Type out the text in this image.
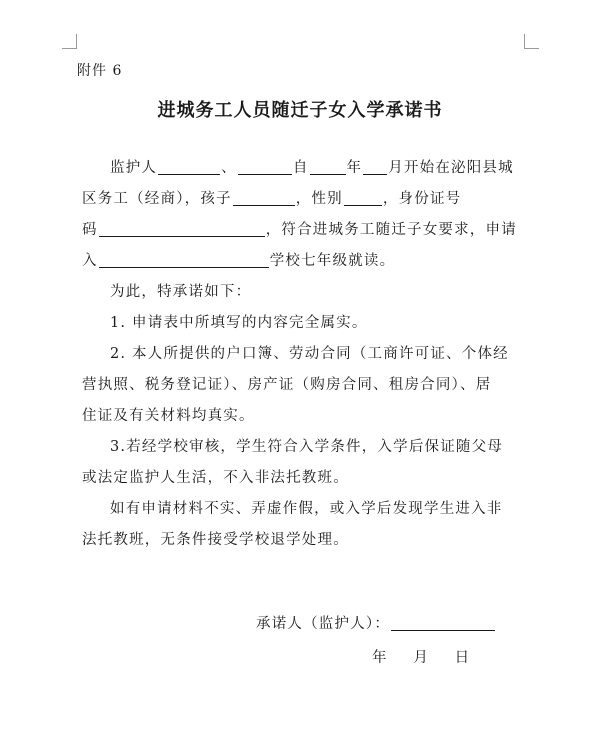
附件 6
进城务工人员随迁子女入学承诺书
监护人	、	自	年 月开始在泌阳县城
区务工（经商），孩子	，性别	，身份证号
码	，符合进城务工随迁子女要求，申请
入	学校七年级就读。
为此，特承诺如下：
1. 申请表中所填写的内容完全属实。
2. 本人所提供的户口簿、劳动合同（工商许可证、个体经
营执照、税务登记证）、房产证（购房合同、租房合同）、居
住证及有关材料均真实。
3.若经学校审核，学生符合入学条件，入学后保证随父母
或法定监护人生活，不入非法托教班。
如有申请材料不实、弄虚作假，或入学后发现学生进入非
法托教班，无条件接受学校退学处理。
承诺人（监护人）：
年 月 日
